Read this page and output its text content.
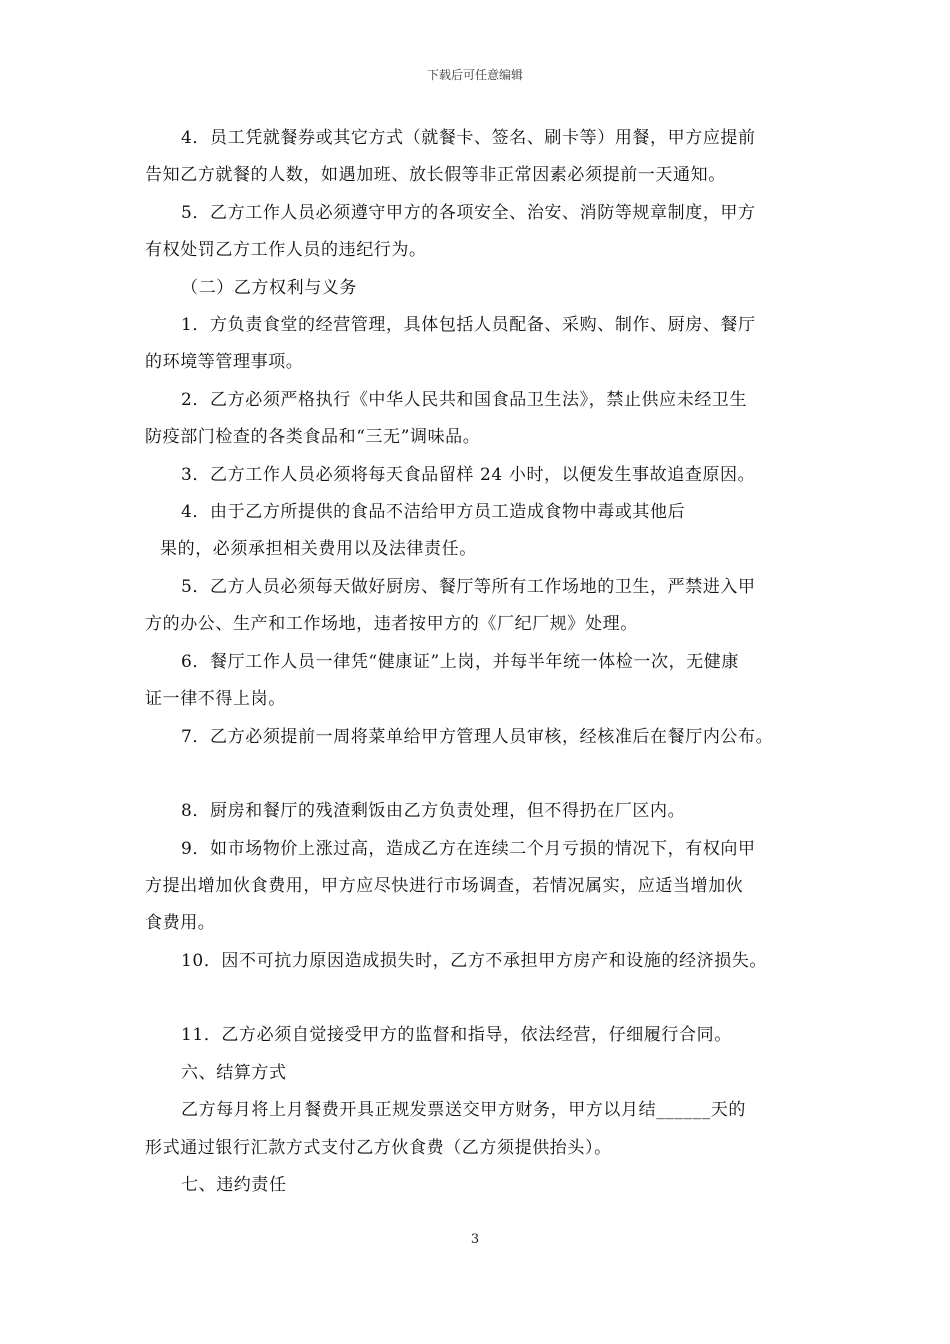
下载后可任意编辑
4．员工凭就餐券或其它方式（就餐卡、签名、刷卡等）用餐，甲方应提前
告知乙方就餐的人数，如遇加班、放长假等非正常因素必须提前一天通知。
5．乙方工作人员必须遵守甲方的各项安全、治安、消防等规章制度，甲方
有权处罚乙方工作人员的违纪行为。
（二）乙方权利与义务
1．方负责食堂的经营管理，具体包括人员配备、采购、制作、厨房、餐厅
的环境等管理事项。
2．乙方必须严格执行《中华人民共和国食品卫生法》，禁止供应未经卫生
防疫部门检查的各类食品和“三无”调味品。
3．乙方工作人员必须将每天食品留样 24 小时，以便发生事故追查原因。
4．由于乙方所提供的食品不洁给甲方员工造成食物中毒或其他后
果的，必须承担相关费用以及法律责任。
5．乙方人员必须每天做好厨房、餐厅等所有工作场地的卫生，严禁进入甲
方的办公、生产和工作场地，违者按甲方的《厂纪厂规》处理。
6．餐厅工作人员一律凭“健康证”上岗，并每半年统一体检一次，无健康
证一律不得上岗。
7．乙方必须提前一周将菜单给甲方管理人员审核，经核准后在餐厅内公布。
8．厨房和餐厅的残渣剩饭由乙方负责处理，但不得扔在厂区内。
9．如市场物价上涨过高，造成乙方在连续二个月亏损的情况下，有权向甲
方提出增加伙食费用，甲方应尽快进行市场调查，若情况属实，应适当增加伙
食费用。
10．因不可抗力原因造成损失时，乙方不承担甲方房产和设施的经济损失。
11．乙方必须自觉接受甲方的监督和指导，依法经营，仔细履行合同。
六、结算方式
乙方每月将上月餐费开具正规发票送交甲方财务，甲方以月结______天的
形式通过银行汇款方式支付乙方伙食费（乙方须提供抬头）。
七、违约责任
3
